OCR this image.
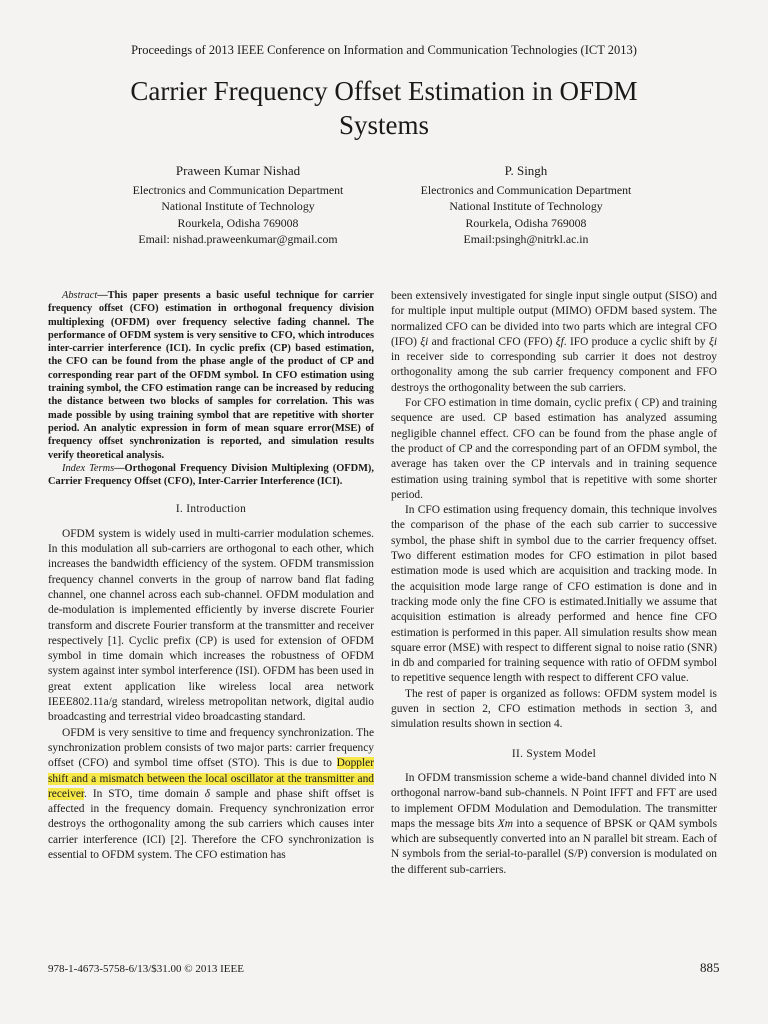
Proceedings of 2013 IEEE Conference on Information and Communication Technologies (ICT 2013)
Carrier Frequency Offset Estimation in OFDM
Systems
Praween Kumar Nishad
Electronics and Communication Department
National Institute of Technology
Rourkela, Odisha 769008
Email: nishad.praweenkumar@gmail.com
P. Singh
Electronics and Communication Department
National Institute of Technology
Rourkela, Odisha 769008
Email:psingh@nitrkl.ac.in

Abstract—This paper presents a basic useful technique for carrier frequency offset (CFO) estimation in orthogonal frequency division multiplexing (OFDM) over frequency selective fading channel. The performance of OFDM system is very sensitive to CFO, which introduces inter-carrier interference (ICI). In cyclic prefix (CP) based estimation, the CFO can be found from the phase angle of the product of CP and corresponding rear part of the OFDM symbol. In CFO estimation using training symbol, the CFO estimation range can be increased by reducing the distance between two blocks of samples for correlation. This was made possible by using training symbol that are repetitive with shorter period. An analytic expression in form of mean square error(MSE) of frequency offset synchronization is reported, and simulation results verify theoretical analysis.

Index Terms—Orthogonal Frequency Division Multiplexing (OFDM), Carrier Frequency Offset (CFO), Inter-Carrier Interference (ICI).

I. Introduction

OFDM system is widely used in multi-carrier modulation schemes. In this modulation all sub-carriers are orthogonal to each other, which increases the bandwidth efficiency of the system. OFDM transmission frequency channel converts in the group of narrow band flat fading channel, one channel across each sub-channel. OFDM modulation and de-modulation is implemented efficiently by inverse discrete Fourier transform and discrete Fourier transform at the transmitter and receiver respectively [1]. Cyclic prefix (CP) is used for extension of OFDM symbol in time domain which increases the robustness of OFDM system against inter symbol interference (ISI). OFDM has been used in great extent application like wireless local area network IEEE802.11a/g standard, wireless metropolitan network, digital audio broadcasting and terrestrial video broadcasting standard.

OFDM is very sensitive to time and frequency synchronization. The synchronization problem consists of two major parts: carrier frequency offset (CFO) and symbol time offset (STO). This is due to Doppler shift and a mismatch between the local oscillator at the transmitter and receiver. In STO, time domain δ sample and phase shift offset is affected in the frequency domain. Frequency synchronization error destroys the orthogonality among the sub carriers which causes inter carrier interference (ICI) [2]. Therefore the CFO synchronization is essential to OFDM system. The CFO estimation has

been extensively investigated for single input single output (SISO) and for multiple input multiple output (MIMO) OFDM based system. The normalized CFO can be divided into two parts which are integral CFO (IFO) ξi and fractional CFO (FFO) ξf. IFO produce a cyclic shift by ξi in receiver side to corresponding sub carrier it does not destroy orthogonality among the sub carrier frequency component and FFO destroys the orthogonality between the sub carriers.

For CFO estimation in time domain, cyclic prefix ( CP) and training sequence are used. CP based estimation has analyzed assuming negligible channel effect. CFO can be found from the phase angle of the product of CP and the corresponding part of an OFDM symbol, the average has taken over the CP intervals and in training sequence estimation using training symbol that is repetitive with some shorter period.

In CFO estimation using frequency domain, this technique involves the comparison of the phase of the each sub carrier to successive symbol, the phase shift in symbol due to the carrier frequency offset. Two different estimation modes for CFO estimation in pilot based estimation mode is used which are acquisition and tracking mode. In the acquisition mode large range of CFO estimation is done and in tracking mode only the fine CFO is estimated.Initially we assume that acquisition estimation is already performed and hence fine CFO estimation is performed in this paper. All simulation results show mean square error (MSE) with respect to different signal to noise ratio (SNR) in db and comparied for training sequence with ratio of OFDM symbol to repetitive sequence length with respect to different CFO value.

The rest of paper is organized as follows: OFDM system model is guven in section 2, CFO estimation methods in section 3, and simulation results shown in section 4.

II. System Model

In OFDM transmission scheme a wide-band channel divided into N orthogonal narrow-band sub-channels. N Point IFFT and FFT are used to implement OFDM Modulation and Demodulation. The transmitter maps the message bits Xm into a sequence of BPSK or QAM symbols which are subsequently converted into an N parallel bit stream. Each of N symbols from the serial-to-parallel (S/P) conversion is modulated on the different sub-carriers.

978-1-4673-5758-6/13/$31.00 © 2013 IEEE	885
